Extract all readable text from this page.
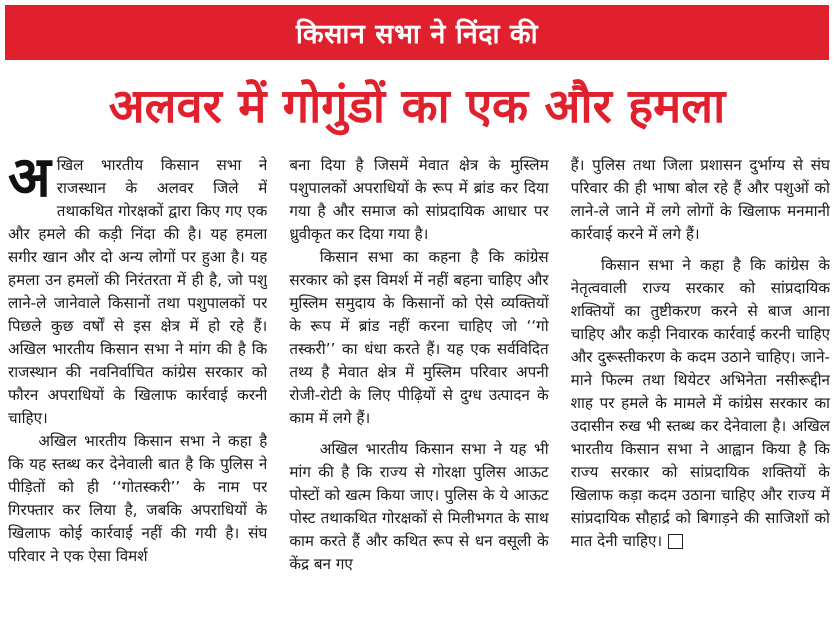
किसान सभा ने निंदा की
अलवर में गोगुंडों का एक और हमला

अखिल भारतीय किसान सभा ने राजस्थान के अलवर जिले में तथाकथित गोरक्षकों द्वारा किए गए एक और हमले की कड़ी निंदा की है। यह हमला सगीर खान और दो अन्य लोगों पर हुआ है। यह हमला उन हमलों की निरंतरता में ही है, जो पशु लाने-ले जानेवाले किसानों तथा पशुपालकों पर पिछले कुछ वर्षों से इस क्षेत्र में हो रहे हैं। अखिल भारतीय किसान सभा ने मांग की है कि राजस्थान की नवनिर्वाचित कांग्रेस सरकार को फौरन अपराधियों के खिलाफ कार्रवाई करनी चाहिए।

अखिल भारतीय किसान सभा ने कहा है कि यह स्तब्ध कर देनेवाली बात है कि पुलिस ने पीड़ितों को ही ‘‘गोतस्करी’’ के नाम पर गिरफ्तार कर लिया है, जबकि अपराधियों के खिलाफ कोई कार्रवाई नहीं की गयी है। संघ परिवार ने एक ऐसा विमर्श

बना दिया है जिसमें मेवात क्षेत्र के मुस्लिम पशुपालकों अपराधियों के रूप में ब्रांड कर दिया गया है और समाज को सांप्रदायिक आधार पर ध्रुवीकृत कर दिया गया है।

किसान सभा का कहना है कि कांग्रेस सरकार को इस विमर्श में नहीं बहना चाहिए और मुस्लिम समुदाय के किसानों को ऐसे व्यक्तियों के रूप में ब्रांड नहीं करना चाहिए जो ‘‘गो तस्करी’’ का धंधा करते हैं। यह एक सर्वविदित तथ्य है मेवात क्षेत्र में मुस्लिम परिवार अपनी रोजी-रोटी के लिए पीढ़ियों से दुग्ध उत्पादन के काम में लगे हैं।

अखिल भारतीय किसान सभा ने यह भी मांग की है कि राज्य से गोरक्षा पुलिस आऊट पोस्टों को खत्म किया जाए। पुलिस के ये आऊट पोस्ट तथाकथित गोरक्षकों से मिलीभगत के साथ काम करते हैं और कथित रूप से धन वसूली के केंद्र बन गए

हैं। पुलिस तथा जिला प्रशासन दुर्भाग्य से संघ परिवार की ही भाषा बोल रहे हैं और पशुओं को लाने-ले जाने में लगे लोगों के खिलाफ मनमानी कार्रवाई करने में लगे हैं।

किसान सभा ने कहा है कि कांग्रेस के नेतृत्ववाली राज्य सरकार को सांप्रदायिक शक्तियों का तुष्टीकरण करने से बाज आना चाहिए और कड़ी निवारक कार्रवाई करनी चाहिए और दुरूस्तीकरण के कदम उठाने चाहिए। जाने-माने फिल्म तथा थियेटर अभिनेता नसीरूद्दीन शाह पर हमले के मामले में कांग्रेस सरकार का उदासीन रुख भी स्तब्ध कर देनेवाला है। अखिल भारतीय किसान सभा ने आह्वान किया है कि राज्य सरकार को सांप्रदायिक शक्तियों के खिलाफ कड़ा कदम उठाना चाहिए और राज्य में सांप्रदायिक सौहार्द्र को बिगाड़ने की साजिशों को मात देनी चाहिए।
